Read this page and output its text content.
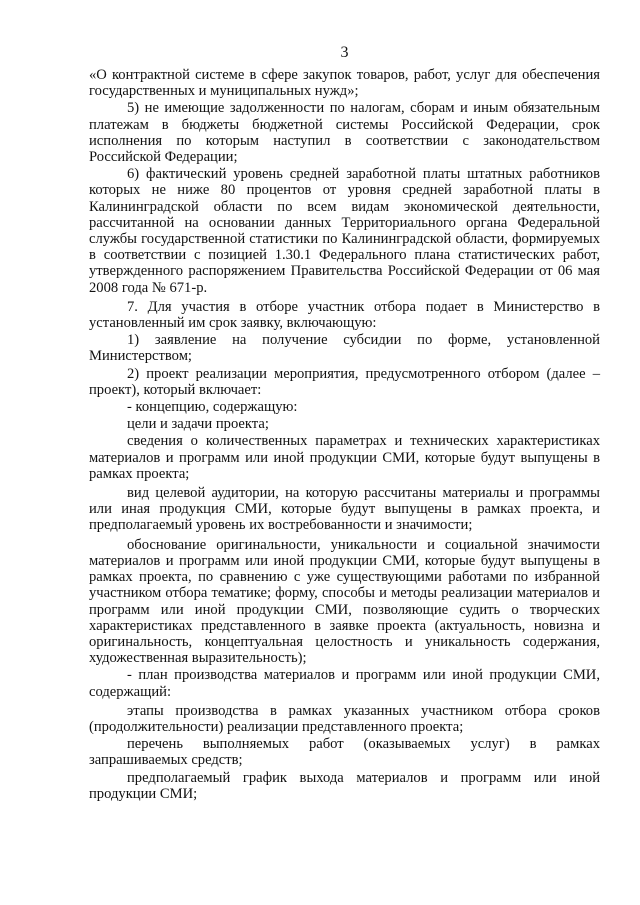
3

«О контрактной системе в сфере закупок товаров, работ, услуг для обеспечения государственных и муниципальных нужд»;

5) не имеющие задолженности по налогам, сборам и иным обязательным платежам в бюджеты бюджетной системы Российской Федерации, срок исполнения по которым наступил в соответствии с законодательством Российской Федерации;

6) фактический уровень средней заработной платы штатных работников которых не ниже 80 процентов от уровня средней заработной платы в Калининградской области по всем видам экономической деятельности, рассчитанной на основании данных Территориального органа Федеральной службы государственной статистики по Калининградской области, формируемых в соответствии с позицией 1.30.1 Федерального плана статистических работ, утвержденного распоряжением Правительства Российской Федерации от 06 мая 2008 года № 671-р.

7. Для участия в отборе участник отбора подает в Министерство в установленный им срок заявку, включающую:

1) заявление на получение субсидии по форме, установленной Министерством;

2) проект реализации мероприятия, предусмотренного отбором (далее – проект), который включает:

- концепцию, содержащую:

цели и задачи проекта;

сведения о количественных параметрах и технических характеристиках материалов и программ или иной продукции СМИ, которые будут выпущены в рамках проекта;

вид целевой аудитории, на которую рассчитаны материалы и программы или иная продукция СМИ, которые будут выпущены в рамках проекта, и предполагаемый уровень их востребованности и значимости;

обоснование оригинальности, уникальности и социальной значимости материалов и программ или иной продукции СМИ, которые будут выпущены в рамках проекта, по сравнению с уже существующими работами по избранной участником отбора тематике; форму, способы и методы реализации материалов и программ или иной продукции СМИ, позволяющие судить о творческих характеристиках представленного в заявке проекта (актуальность, новизна и оригинальность, концептуальная целостность и уникальность содержания, художественная выразительность);

- план производства материалов и программ или иной продукции СМИ, содержащий:

этапы производства в рамках указанных участником отбора сроков (продолжительности) реализации представленного проекта;

перечень выполняемых работ (оказываемых услуг) в рамках запрашиваемых средств;

предполагаемый график выхода материалов и программ или иной продукции СМИ;
